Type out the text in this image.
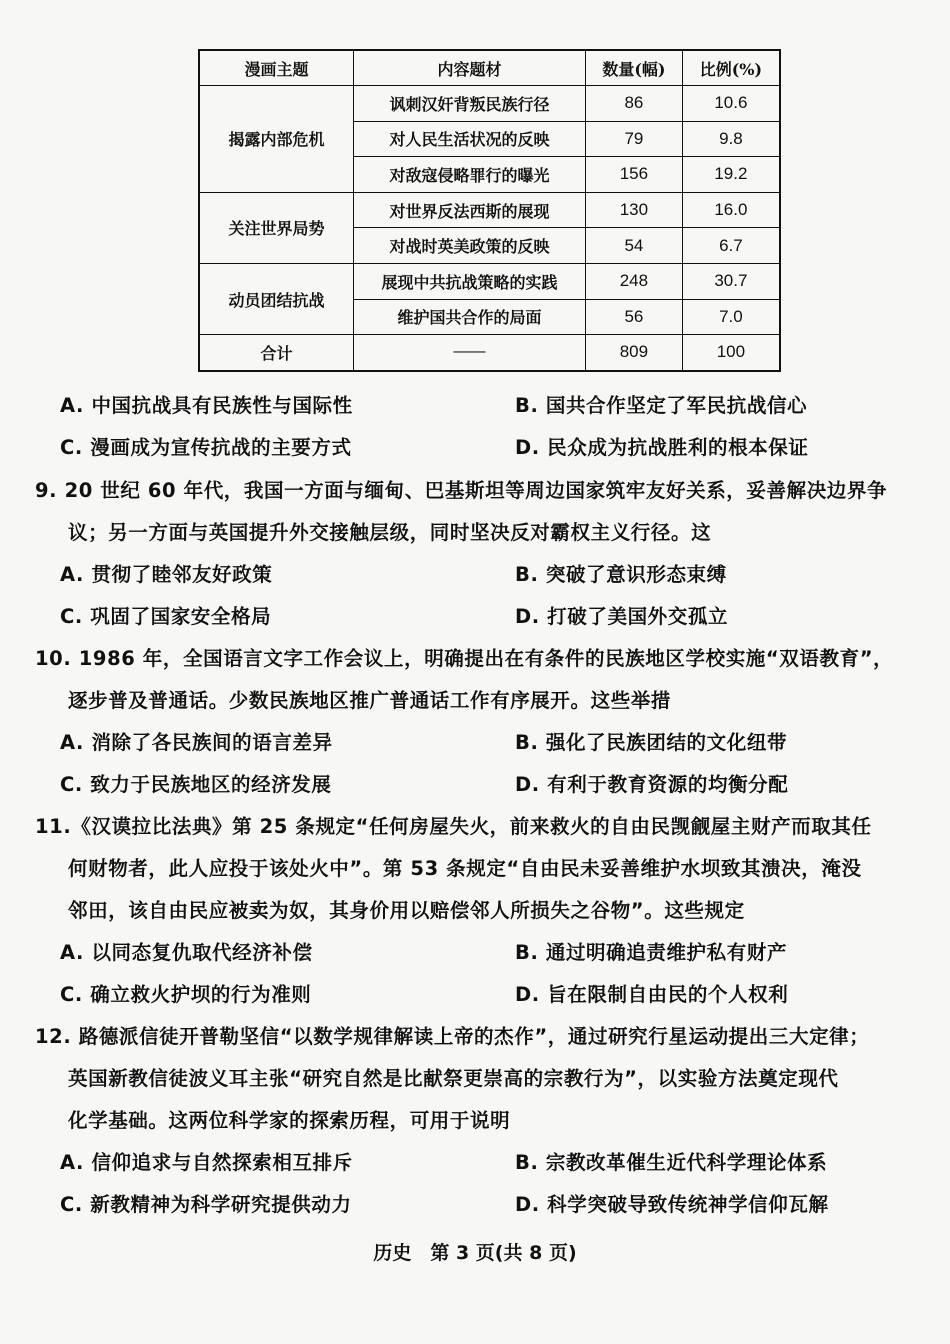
漫画主题	内容题材	数量(幅)	比例(%)
揭露内部危机	讽刺汉奸背叛民族行径	86	10.6
	对人民生活状况的反映	79	9.8
	对敌寇侵略罪行的曝光	156	19.2
关注世界局势	对世界反法西斯的展现	130	16.0
	对战时英美政策的反映	54	6.7
动员团结抗战	展现中共抗战策略的实践	248	30.7
	维护国共合作的局面	56	7.0
合计	——	809	100
A. 中国抗战具有民族性与国际性	B. 国共合作坚定了军民抗战信心
C. 漫画成为宣传抗战的主要方式	D. 民众成为抗战胜利的根本保证
9. 20 世纪 60 年代，我国一方面与缅甸、巴基斯坦等周边国家筑牢友好关系，妥善解决边界争
议；另一方面与英国提升外交接触层级，同时坚决反对霸权主义行径。这
A. 贯彻了睦邻友好政策	B. 突破了意识形态束缚
C. 巩固了国家安全格局	D. 打破了美国外交孤立
10. 1986 年，全国语言文字工作会议上，明确提出在有条件的民族地区学校实施“双语教育”，
逐步普及普通话。少数民族地区推广普通话工作有序展开。这些举措
A. 消除了各民族间的语言差异	B. 强化了民族团结的文化纽带
C. 致力于民族地区的经济发展	D. 有利于教育资源的均衡分配
11.《汉谟拉比法典》第 25 条规定“任何房屋失火，前来救火的自由民觊觎屋主财产而取其任
何财物者，此人应投于该处火中”。第 53 条规定“自由民未妥善维护水坝致其溃决，淹没
邻田，该自由民应被卖为奴，其身价用以赔偿邻人所损失之谷物”。这些规定
A. 以同态复仇取代经济补偿	B. 通过明确追责维护私有财产
C. 确立救火护坝的行为准则	D. 旨在限制自由民的个人权利
12. 路德派信徒开普勒坚信“以数学规律解读上帝的杰作”，通过研究行星运动提出三大定律；
英国新教信徒波义耳主张“研究自然是比献祭更崇高的宗教行为”，以实验方法奠定现代
化学基础。这两位科学家的探索历程，可用于说明
A. 信仰追求与自然探索相互排斥	B. 宗教改革催生近代科学理论体系
C. 新教精神为科学研究提供动力	D. 科学突破导致传统神学信仰瓦解
历史　第 3 页(共 8 页)
